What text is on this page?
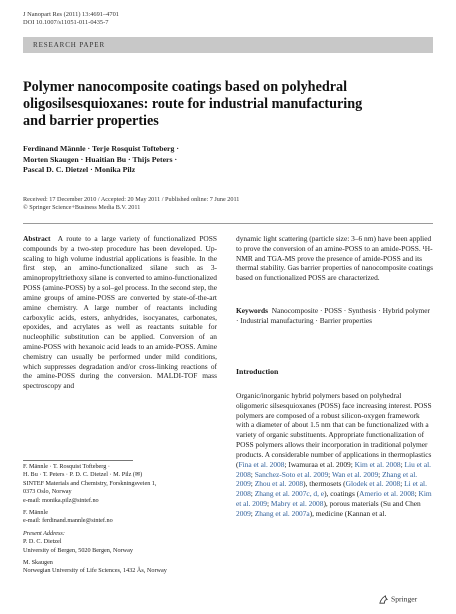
J Nanopart Res (2011) 13:4691–4701
DOI 10.1007/s11051-011-0435-7
RESEARCH PAPER
Polymer nanocomposite coatings based on polyhedral
oligosilsesquioxanes: route for industrial manufacturing
and barrier properties

Ferdinand Männle · Terje Rosquist Tofteberg ·
Morten Skaugen · Huaitian Bu · Thijs Peters ·
Pascal D. C. Dietzel · Monika Pilz

Received: 17 December 2010 / Accepted: 20 May 2011 / Published online: 7 June 2011
© Springer Science+Business Media B.V. 2011

Abstract A route to a large variety of functionalized POSS compounds by a two-step procedure has been developed. Up-scaling to high volume industrial applications is feasible. In the first step, an amino-functionalized silane such as 3-aminopropyltriethoxy silane is converted to amino-functionalized POSS (amine-POSS) by a sol–gel process. In the second step, the amine groups of amine-POSS are converted by state-of-the-art amine chemistry. A large number of reactants including carboxylic acids, esters, anhydrides, isocyanates, carbonates, epoxides, and acrylates as well as reactants suitable for nucleophilic substitution can be applied. Conversion of an amine-POSS with hexanoic acid leads to an amide-POSS. Amine chemistry can usually be performed under mild conditions, which suppresses degradation and/or cross-linking reactions of the amine-POSS during the conversion. MALDI-TOF mass spectroscopy and

F. Männle · T. Rosquist Tofteberg ·
H. Bu · T. Peters · P. D. C. Dietzel · M. Pilz (✉)
SINTEF Materials and Chemistry, Forskningsveien 1,
0373 Oslo, Norway
e-mail: monika.pilz@sintef.no

F. Männle
e-mail: ferdinand.mannle@sintef.no

Present Address:
P. D. C. Dietzel
University of Bergen, 5020 Bergen, Norway

M. Skaugen
Norwegian University of Life Sciences, 1432 Ås, Norway

dynamic light scattering (particle size: 3–6 nm) have been applied to prove the conversion of an amine-POSS to an amide-POSS. ¹H-NMR and TGA-MS prove the presence of amide-POSS and its thermal stability. Gas barrier properties of nanocomposite coatings based on functionalized POSS are characterized.

Keywords Nanocomposite · POSS · Synthesis · Hybrid polymer · Industrial manufacturing · Barrier properties

Introduction

Organic/inorganic hybrid polymers based on polyhedral oligomeric silsesquioxanes (POSS) face increasing interest. POSS polymers are composed of a robust silicon-oxygen framework with a diameter of about 1.5 nm that can be functionalized with a variety of organic substituents. Appropriate functionalization of POSS polymers allows their incorporation in traditional polymer products. A considerable number of applications in thermoplastics (Fina et al. 2008; Iwamuraa et al. 2009; Kim et al. 2008; Liu et al. 2008; Sanchez-Soto et al. 2009; Wan et al. 2009; Zhang et al. 2009; Zhou et al. 2008), thermosets (Glodek et al. 2008; Li et al. 2008; Zhang et al. 2007c, d, e), coatings (Amerio et al. 2008; Kim et al. 2009; Mabry et al. 2008), porous materials (Su and Chen 2009; Zhang et al. 2007a), medicine (Kannan et al.

Springer
